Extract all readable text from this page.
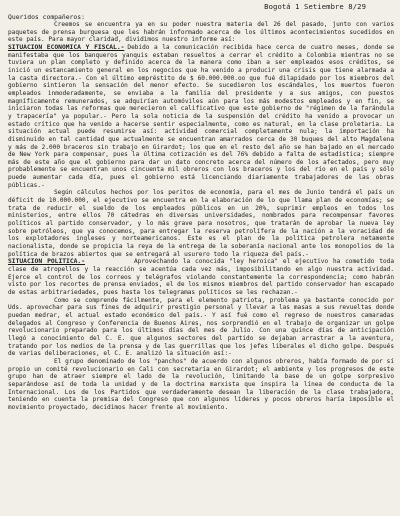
Bogotá 1 Setiembre 8/29

Queridos compañeros:

Creemos se encuentra ya en su poder nuestra materia del 26 del pasado, junto con varios paquetes de prensa burguesa que les habrán informado acerca de los últimos acontecimientos sucedidos en este país. Para mayor claridad, dividimos nuestro informe así:

SITUACION ECONOMICA Y FISCAL.- Debido a la comunicación recibida hace cerca de cuatro meses, donde se manifestaba que los banqueros yanquis estaban resueltos a cerrar el crédito a Colombia mientras no se tuviera un plan completo y definido acerca de la manera como iban a ser empleados esos créditos, se inició un estancamiento general en los negocios que ha venido a producir una crisis que tiene alarmada a la casta directora.- Con el último empréstito de $ 60.000.000.oo que fué dilapidado por los miembros del gobierno sintieron la sensación del menor efecto. Se sucedieron los escándalos, los muertos fueron empleados inmoderadamente, se enviaba a la familia del presidente y a sus amigos, con puestos magníficamente remunerados, se adquirían automóviles aún para los más modestos empleados y en fin, se iniciaron todas las reformas que merecieron el calificativo que este gobierno de "régimen de la farándula y trapacería" ya popular.- Pero la sola noticia de la suspensión del crédito ha venido a provocar un estado crítico que ha venido a hacerse sentir especialmente, como es natural, en la clase proletaria. La situación actual puede resumirse así: actividad comercial completamente nula; la importación ha disminuido en tal cantidad que actualmente se encuentran amarrados cerca de 30 buques del alto Magdalena y más de 2.000 braceros sin trabajo en Girardot; los que en el resto del año se han bajado en el mercado de New York para compensar, pues la última cotización es del 76% debido a falta de estadística; siempre más de este año que el gobierno para dar un dato concreto acerca del número de los afectados, pero muy probablemente se encuentran unos cincuenta mil obreros con los braceros y los del río en el país y sólo puede aumentar cada día, pues el gobierno está licenciando diariamente trabajadores de las obras públicas.-

Según cálculos hechos por los peritos de economía, para el mes de Junio tendrá el país un déficit de 10.000.000, el ejecutivo se encuentra en la elaboración de lo que llama plan de economías; se trata de reducir el sueldo de los empleados públicos en un 20%, suprimir empleos en todos los ministerios, entre ellos 70 cátedras en diversas universidades, nombrados para recompensar favores políticos al partido conservador, y lo más grave para nosotros, que tratarán de aprobar la nueva ley sobre petróleos, que ya conocemos, para entregar la reserva petrolífera de la nación a la voracidad de los explotadores ingleses y norteamericanos. Este es el plan de la política petrolera netamente nacionalista, donde se propicia la reya de la entrega de la soberanía nacional ante los monopolios de la política de brazos abiertos que se entregará al usurero todo la riqueza del país.-

SITUACION POLITICA.-	Aprovechando la conocida "ley heroica" el ejecutivo ha cometido toda clase de atropellos y la reacción se acentúa cada vez más, imposibilitando en algo nuestra actividad. Ejerce el control de los correos y telégrafos violando constantemente la correspondencia; como habrán visto por los recortes de prensa enviados, el de los mismos miembros del partido conservador han escapado de estas arbitrariedades, pues hasta los telegramas políticos se les rechazan.-

Como se comprende fácilmente, para el elemento patriota, problema ya bastante conocido por Uds. aprovechar para sus fines de adquirir prestigio personal y llevar a las masas a sus revueltas donde puedan medrar, el actual estado económico del país.- Y así fué como el regreso de nuestros camaradas delegados al Congreso y Conferencia de Buenos Aires, nos sorprendió en el trabajo de organizar un golpe revolucionario preparado para los últimos días del mes de Julio. Con una quince días de anticipación llegó a conocimiento del C. E. que algunos sectores del partido se dejaban arrastrar a la aventura, tratando por los medios de la prensa y de las guerrillas que los jefes liberales el dicho golpe. Después de varias deliberaciones, el C. E. analizó la situación así:-

El grupo denominado de los "panchos" de acuerdo con algunos obreros, había formado de por sí propio un comité revolucionario en Cali con secretaría en Girardot; el ambiente y los progresos de este grupo han de atraer siempre el lado de la revolución, limitando la base de un golpe sorpresivo separándose así de toda la unidad y de la doctrina marxista que inspira la línea de conducta de la Internacional. Los de los Partidos que verdaderamente desean la liberación de la clase trabajadora, teniendo en cuenta la premisa del Congreso que con algunos líderes y pocos obreros haría imposible el movimiento proyectado, decidimos hacer frente al movimiento.
